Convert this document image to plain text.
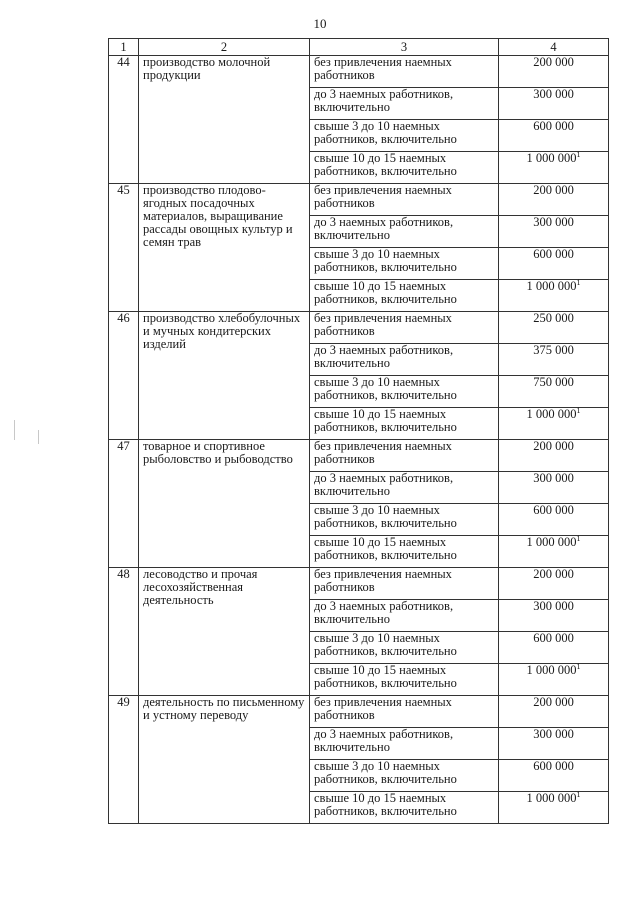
10
1	2	3	4
44	производство молочной продукции	без привлечения наемных работников	200 000
		до 3 наемных работников, включительно	300 000
		свыше 3 до 10 наемных работников, включительно	600 000
		свыше 10 до 15 наемных работников, включительно	1 000 $000^1$
45	производство плодово-ягодных посадочных материалов, выращивание рассады овощных культур и семян трав	без привлечения наемных работников	200 000
		до 3 наемных работников, включительно	300 000
		свыше 3 до 10 наемных работников, включительно	600 000
		свыше 10 до 15 наемных работников, включительно	1 000 $000^1$
46	производство хлебобулочных и мучных кондитерских изделий	без привлечения наемных работников	250 000
		до 3 наемных работников, включительно	375 000
		свыше 3 до 10 наемных работников, включительно	750 000
		свыше 10 до 15 наемных работников, включительно	1 000 $000^1$
47	товарное и спортивное рыболовство и рыбоводство	без привлечения наемных работников	200 000
		до 3 наемных работников, включительно	300 000
		свыше 3 до 10 наемных работников, включительно	600 000
		свыше 10 до 15 наемных работников, включительно	1 000 $000^1$
48	лесоводство и прочая лесохозяйственная деятельность	без привлечения наемных работников	200 000
		до 3 наемных работников, включительно	300 000
		свыше 3 до 10 наемных работников, включительно	600 000
		свыше 10 до 15 наемных работников, включительно	1 000 $000^1$
49	деятельность по письменному и устному переводу	без привлечения наемных работников	200 000
		до 3 наемных работников, включительно	300 000
		свыше 3 до 10 наемных работников, включительно	600 000
		свыше 10 до 15 наемных работников, включительно	1 000 $000^1$
